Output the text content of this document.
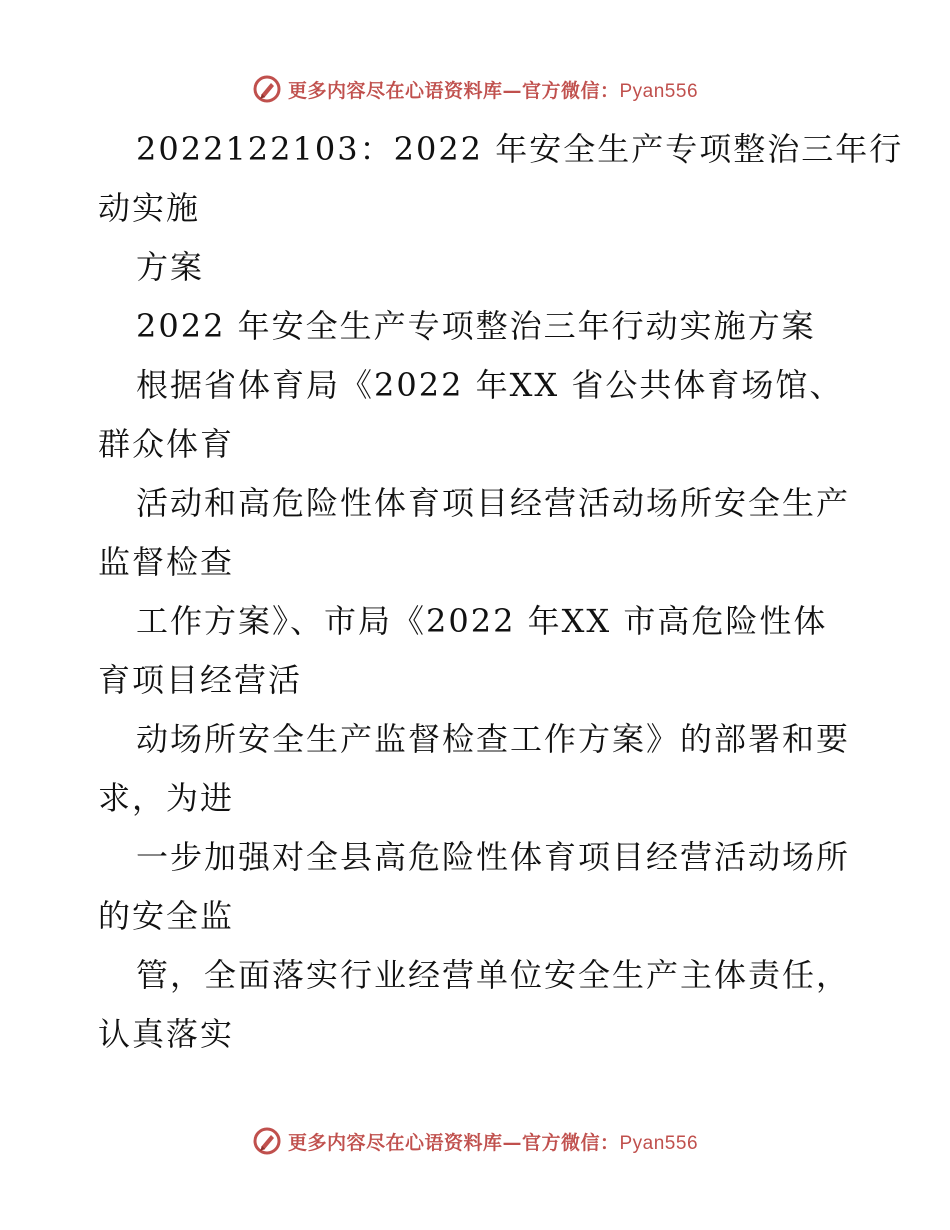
更多内容尽在心语资料库—官方微信：Pyan556
2022122103：2022 年安全生产专项整治三年行
动实施
方案
2022 年安全生产专项整治三年行动实施方案
根据省体育局《2022 年XX 省公共体育场馆、
群众体育
活动和高危险性体育项目经营活动场所安全生产
监督检查
工作方案》、市局《2022 年XX 市高危险性体
育项目经营活
动场所安全生产监督检查工作方案》的部署和要
求，为进
一步加强对全县高危险性体育项目经营活动场所
的安全监
管，全面落实行业经营单位安全生产主体责任，
认真落实
更多内容尽在心语资料库—官方微信：Pyan556
